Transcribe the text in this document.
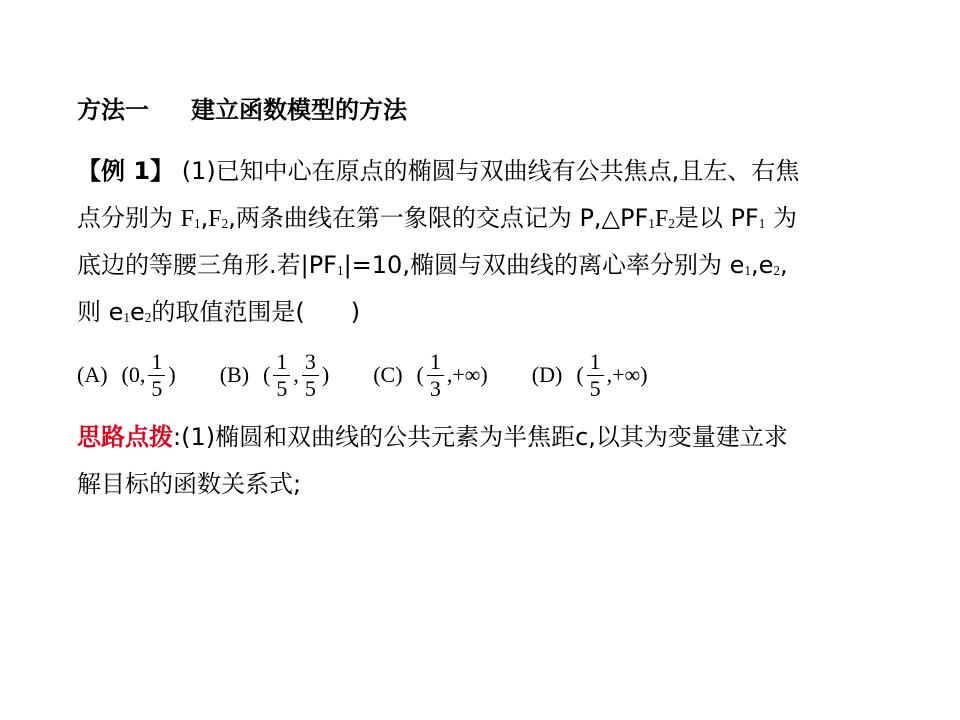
方法一 建立函数模型的方法
【例 1】 (1)已知中心在原点的椭圆与双曲线有公共焦点,且左、右焦
点分别为 $F_1,F_2$,两条曲线在第一象限的交点记为 $P,\triangle PF_1F_2$是以 $PF_1$ 为
底边的等腰三角形.若$|PF_1|=10$,椭圆与双曲线的离心率分别为 $e_1,e_2$,
则 $e_1e_2$的取值范围是( )
(A) (0, $\frac{1}{5}$ ) (B) ( $\frac{1}{5}$ , $\frac{3}{5}$ ) (C) ( $\frac{1}{3}$ ,+∞) (D) ( $\frac{1}{5}$ ,+∞)
思路点拨:(1)椭圆和双曲线的公共元素为半焦距c,以其为变量建立求
解目标的函数关系式;
